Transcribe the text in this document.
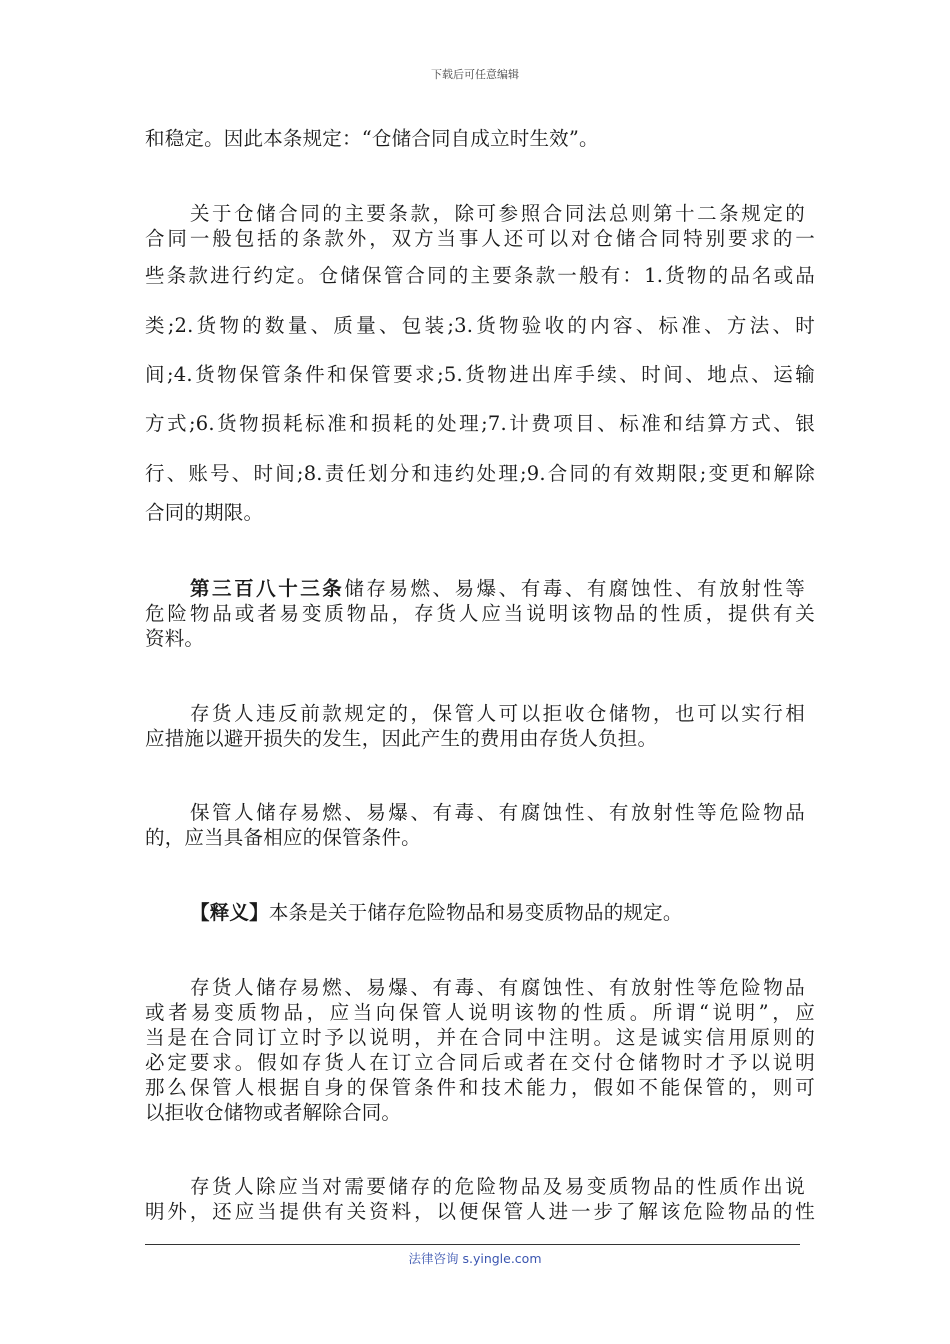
下载后可任意编辑
和稳定。因此本条规定：“仓储合同自成立时生效”。
关于仓储合同的主要条款，除可参照合同法总则第十二条规定的
合同一般包括的条款外，双方当事人还可以对仓储合同特别要求的一
些条款进行约定。仓储保管合同的主要条款一般有：1.货物的品名或品
类;2.货物的数量、质量、包装;3.货物验收的内容、标准、方法、时
间;4.货物保管条件和保管要求;5.货物进出库手续、时间、地点、运输
方式;6.货物损耗标准和损耗的处理;7.计费项目、标准和结算方式、银
行、账号、时间;8.责任划分和违约处理;9.合同的有效期限;变更和解除
合同的期限。
第三百八十三条储存易燃、易爆、有毒、有腐蚀性、有放射性等
危险物品或者易变质物品，存货人应当说明该物品的性质，提供有关
资料。
存货人违反前款规定的，保管人可以拒收仓储物，也可以实行相
应措施以避开损失的发生，因此产生的费用由存货人负担。
保管人储存易燃、易爆、有毒、有腐蚀性、有放射性等危险物品
的，应当具备相应的保管条件。
【释义】本条是关于储存危险物品和易变质物品的规定。
存货人储存易燃、易爆、有毒、有腐蚀性、有放射性等危险物品
或者易变质物品，应当向保管人说明该物的性质。所谓“说明”，应
当是在合同订立时予以说明，并在合同中注明。这是诚实信用原则的
必定要求。假如存货人在订立合同后或者在交付仓储物时才予以说明
那么保管人根据自身的保管条件和技术能力，假如不能保管的，则可
以拒收仓储物或者解除合同。
存货人除应当对需要储存的危险物品及易变质物品的性质作出说
明外，还应当提供有关资料，以便保管人进一步了解该危险物品的性
法律咨询 s.yingle.com
